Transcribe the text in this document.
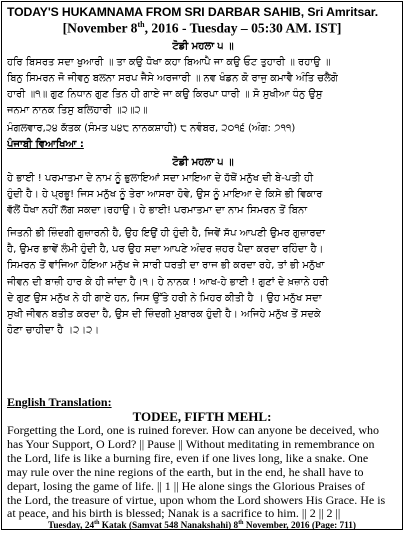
TODAY'S HUKAMNAMA FROM SRI DARBAR SAHIB, Sri Amritsar.
[November 8th, 2016 - Tuesday – 05:30 AM. IST]
ਟੋਡੀ ਮਹਲਾ ੫ ॥
ਹਰਿ ਬਿਸਰਤ ਸਦਾ ਖੁਆਰੀ ॥ ਤਾ ਕਉ ਧੋਖਾ ਕਹਾ ਬਿਆਪੈ ਜਾ ਕਉ ਓਟ ਤੁਹਾਰੀ ॥ ਰਹਾਉ ॥
ਬਿਨੁ ਸਿਮਰਨ ਜੋ ਜੀਵਨੁ ਬਲਨਾ ਸਰਪ ਜੈਸੇ ਅਰਜਾਰੀ ॥ ਨਵ ਖੰਡਨ ਕੋ ਰਾਜੁ ਕਮਾਵੈ ਅੰਤਿ ਚਲੈਗੋ
ਹਾਰੀ ॥੧॥ ਗੁਣ ਨਿਧਾਨ ਗੁਣ ਤਿਨ ਹੀ ਗਾਏ ਜਾ ਕਉ ਕਿਰਪਾ ਧਾਰੀ ॥ ਸੋ ਸੁਖੀਆ ਧੰਨੁ ਉਸੁ
ਜਨਮਾ ਨਾਨਕ ਤਿਸੁ ਬਲਿਹਾਰੀ ॥੨॥੨॥
ਮੰਗਲਵਾਰ,੨੪ ਕੱਤਕ (ਸੰਮਤ ੫੪੮ ਨਾਨਕਸ਼ਾਹੀ) ੮ ਨਵੰਬਰ, ੨੦੧੬ (ਅੰਗ: ੭੧੧)
ਪੰਜਾਬੀ ਵਿਆਖਿਆ :
ਟੋਡੀ ਮਹਲਾ ੫ ॥
ਹੇ ਭਾਈ ! ਪਰਮਾਤਮਾ ਦੇ ਨਾਮ ਨੂੰ ਭੁਲਾਇਆਂ ਸਦਾ ਮਾਇਆ ਦੇ ਹੱਥੋਂ ਮਨੁੱਖ ਦੀ ਬੇ-ਪਤੀ ਹੀ
ਹੁੰਦੀ ਹੈ। ਹੇ ਪ੍ਰਭੂ! ਜਿਸ ਮਨੁੱਖ ਨੂੰ ਤੇਰਾ ਆਸਰਾ ਹੋਵੇ, ਉਸ ਨੂੰ ਮਾਇਆ ਦੇ ਕਿਸੇ ਭੀ ਵਿਕਾਰ
ਵੱਲੋਂ ਧੋਖਾ ਨਹੀਂ ਲੱਗ ਸਕਦਾ।ਰਹਾਉ। ਹੇ ਭਾਈ! ਪਰਮਾਤਮਾ ਦਾ ਨਾਮ ਸਿਮਰਨ ਤੋਂ ਬਿਨਾ
ਜਿਤਨੀ ਭੀ ਜ਼ਿੰਦਗੀ ਗੁਜ਼ਾਰਨੀ ਹੈ, ਉਹ ਇਉਂ ਹੀ ਹੁੰਦੀ ਹੈ, ਜਿਵੇਂ ਸੱਪ ਆਪਣੀ ਉਮਰ ਗੁਜ਼ਾਰਦਾ
ਹੈ, ਉਮਰ ਭਾਵੇਂ ਲੰਮੀ ਹੁੰਦੀ ਹੈ, ਪਰ ਉਹ ਸਦਾ ਆਪਣੇ ਅੰਦਰ ਜ਼ਹਰ ਪੈਦਾ ਕਰਦਾ ਰਹਿੰਦਾ ਹੈ।
ਸਿਮਰਨ ਤੋਂ ਵਾਂਜਿਆ ਹੋਇਆ ਮਨੁੱਖ ਜੇ ਸਾਰੀ ਧਰਤੀ ਦਾ ਰਾਜ ਭੀ ਕਰਦਾ ਰਹੇ, ਤਾਂ ਭੀ ਮਨੁੱਖਾ
ਜੀਵਨ ਦੀ ਬਾਜ਼ੀ ਹਾਰ ਕੇ ਹੀ ਜਾਂਦਾ ਹੈ।੧। ਹੇ ਨਾਨਕ ! ਆਖ-ਹੇ ਭਾਈ ! ਗੁਣਾਂ ਦੇ ਖ਼ਜ਼ਾਨੇ ਹਰੀ
ਦੇ ਗੁਣ ਉਸ ਮਨੁੱਖ ਨੇ ਹੀ ਗਾਏ ਹਨ, ਜਿਸ ਉੱਤੇ ਹਰੀ ਨੇ ਮਿਹਰ ਕੀਤੀ ਹੈ । ਉਹ ਮਨੁੱਖ ਸਦਾ
ਸੁਖੀ ਜੀਵਨ ਬਤੀਤ ਕਰਦਾ ਹੈ, ਉਸ ਦੀ ਜ਼ਿੰਦਗੀ ਮੁਬਾਰਕ ਹੁੰਦੀ ਹੈ। ਅਜਿਹੇ ਮਨੁੱਖ ਤੋਂ ਸਦਕੇ
ਹੋਣਾ ਚਾਹੀਦਾ ਹੈ ।੨।੨।
English Translation:
TODEE, FIFTH MEHL:
Forgetting the Lord, one is ruined forever. How can anyone be deceived, who
has Your Support, O Lord? || Pause || Without meditating in remembrance on
the Lord, life is like a burning fire, even if one lives long, like a snake. One
may rule over the nine regions of the earth, but in the end, he shall have to
depart, losing the game of life. || 1 || He alone sings the Glorious Praises of
the Lord, the treasure of virtue, upon whom the Lord showers His Grace. He is
at peace, and his birth is blessed; Nanak is a sacrifice to him. || 2 || 2 ||
Tuesday, 24th Katak (Samvat 548 Nanakshahi) 8th November, 2016 (Page: 711)
